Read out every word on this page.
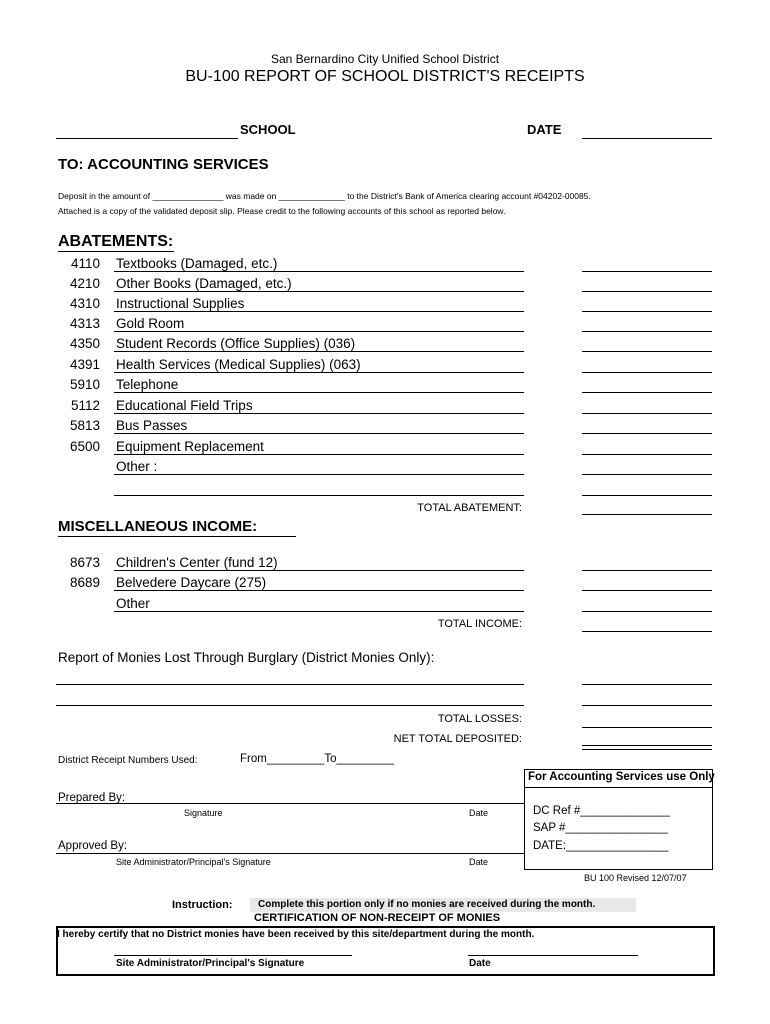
San Bernardino City Unified School District
BU-100 REPORT OF SCHOOL DISTRICT'S RECEIPTS
SCHOOL	DATE
TO: ACCOUNTING SERVICES
Deposit in the amount of _______________ was made on ______________ to the District's Bank of America clearing account #04202-00085.
Attached is a copy of the validated deposit slip. Please credit to the following accounts of this school as reported below.
ABATEMENTS:
4110 Textbooks (Damaged, etc.)
4210 Other Books (Damaged, etc.)
4310 Instructional Supplies
4313 Gold Room
4350 Student Records (Office Supplies) (036)
4391 Health Services (Medical Supplies) (063)
5910 Telephone
5112 Educational Field Trips
5813 Bus Passes
6500 Equipment Replacement
Other :
TOTAL ABATEMENT:
MISCELLANEOUS INCOME:
8673 Children's Center (fund 12)
8689 Belvedere Daycare (275)
Other
TOTAL INCOME:
Report of Monies Lost Through Burglary (District Monies Only):
TOTAL LOSSES:
NET TOTAL DEPOSITED:
District Receipt Numbers Used:	From_________To_________
Prepared By:
Signature	Date
Approved By:
Site Administrator/Principal's Signature	Date
For Accounting Services use Only
DC Ref #______________
SAP #________________
DATE:________________
BU 100 Revised 12/07/07
Instruction:	Complete this portion only if no monies are received during the month.
CERTIFICATION OF NON-RECEIPT OF MONIES
I hereby certify that no District monies have been received by this site/department during the month.
Site Administrator/Principal's Signature	Date
